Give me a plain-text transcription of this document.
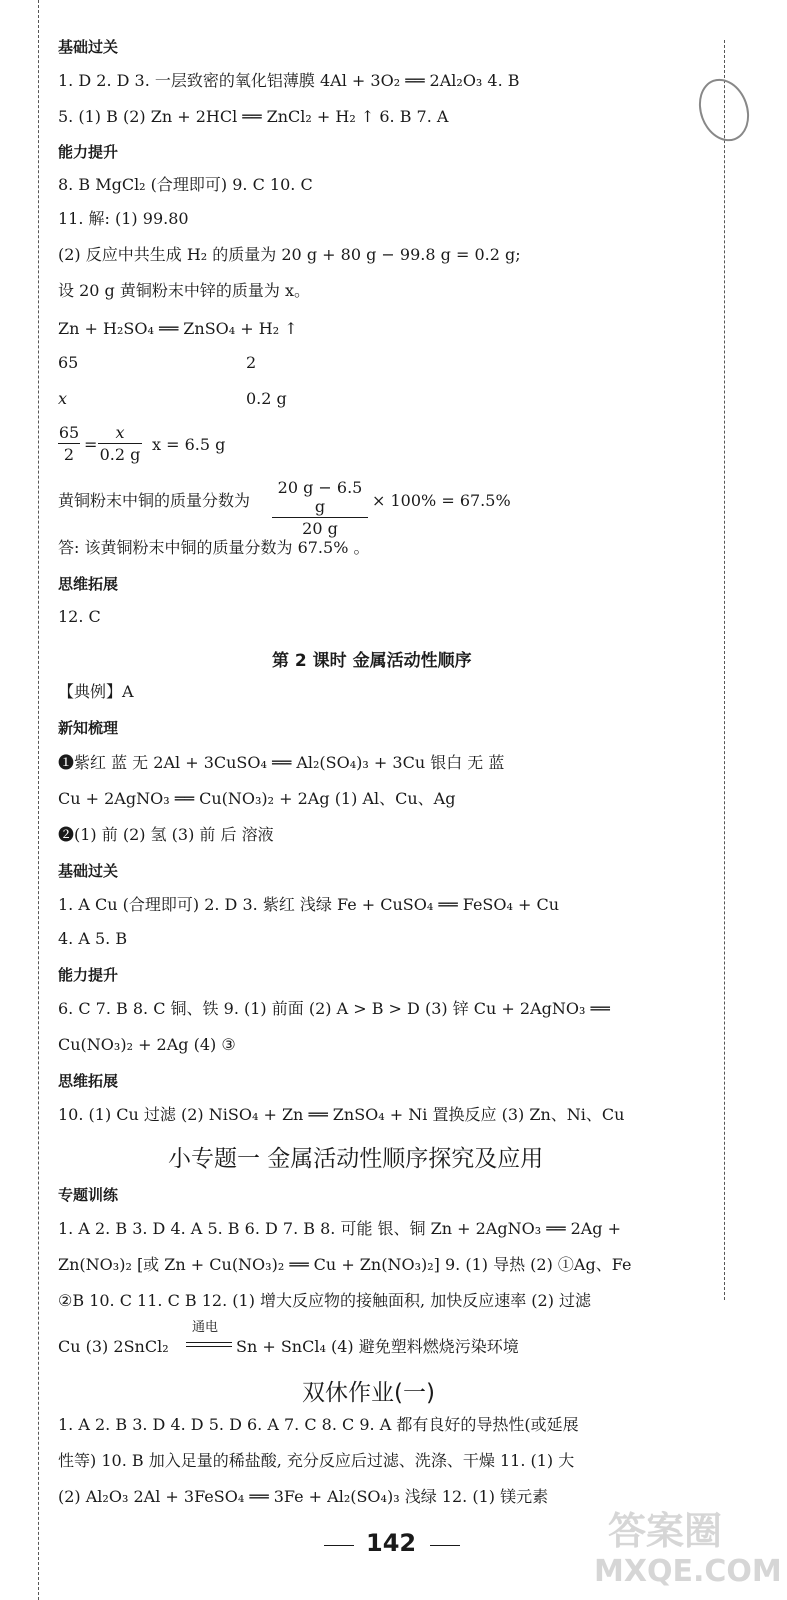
基础过关
1. D 2. D 3. 一层致密的氧化铝薄膜 4Al + 3O₂ ══ 2Al₂O₃ 4. B
5. (1) B (2) Zn + 2HCl ══ ZnCl₂ + H₂ ↑ 6. B 7. A
能力提升
8. B MgCl₂ (合理即可) 9. C 10. C
11. 解: (1) 99.80
(2) 反应中共生成 H₂ 的质量为 20 g + 80 g − 99.8 g = 0.2 g;
设 20 g 黄铜粉末中锌的质量为 x。
Zn + H₂SO₄ ══ ZnSO₄ + H₂ ↑
65	2
x	0.2 g
65
2
=
x
0.2 g
x = 6.5 g
黄铜粉末中铜的质量分数为
20 g − 6.5 g
20 g
× 100% = 67.5%
答: 该黄铜粉末中铜的质量分数为 67.5% 。
思维拓展
12. C
第 2 课时 金属活动性顺序
【典例】A
新知梳理
❶紫红 蓝 无 2Al + 3CuSO₄ ══ Al₂(SO₄)₃ + 3Cu 银白 无 蓝
Cu + 2AgNO₃ ══ Cu(NO₃)₂ + 2Ag (1) Al、Cu、Ag
❷(1) 前 (2) 氢 (3) 前 后 溶液
基础过关
1. A Cu (合理即可) 2. D 3. 紫红 浅绿 Fe + CuSO₄ ══ FeSO₄ + Cu
4. A 5. B
能力提升
6. C 7. B 8. C 铜、铁 9. (1) 前面 (2) A > B > D (3) 锌 Cu + 2AgNO₃ ══
Cu(NO₃)₂ + 2Ag (4) ③
思维拓展
10. (1) Cu 过滤 (2) NiSO₄ + Zn ══ ZnSO₄ + Ni 置换反应 (3) Zn、Ni、Cu
小专题一 金属活动性顺序探究及应用
专题训练
1. A 2. B 3. D 4. A 5. B 6. D 7. B 8. 可能 银、铜 Zn + 2AgNO₃ ══ 2Ag +
Zn(NO₃)₂ [或 Zn + Cu(NO₃)₂ ══ Cu + Zn(NO₃)₂] 9. (1) 导热 (2) ①Ag、Fe
②B 10. C 11. C B 12. (1) 增大反应物的接触面积, 加快反应速率 (2) 过滤
Cu (3) 2SnCl₂
通电
Sn + SnCl₄ (4) 避免塑料燃烧污染环境
双休作业(一)
1. A 2. B 3. D 4. D 5. D 6. A 7. C 8. C 9. A 都有良好的导热性(或延展
性等) 10. B 加入足量的稀盐酸, 充分反应后过滤、洗涤、干燥 11. (1) 大
(2) Al₂O₃ 2Al + 3FeSO₄ ══ 3Fe + Al₂(SO₄)₃ 浅绿 12. (1) 镁元素
142	答案圈
MXQE.COM
